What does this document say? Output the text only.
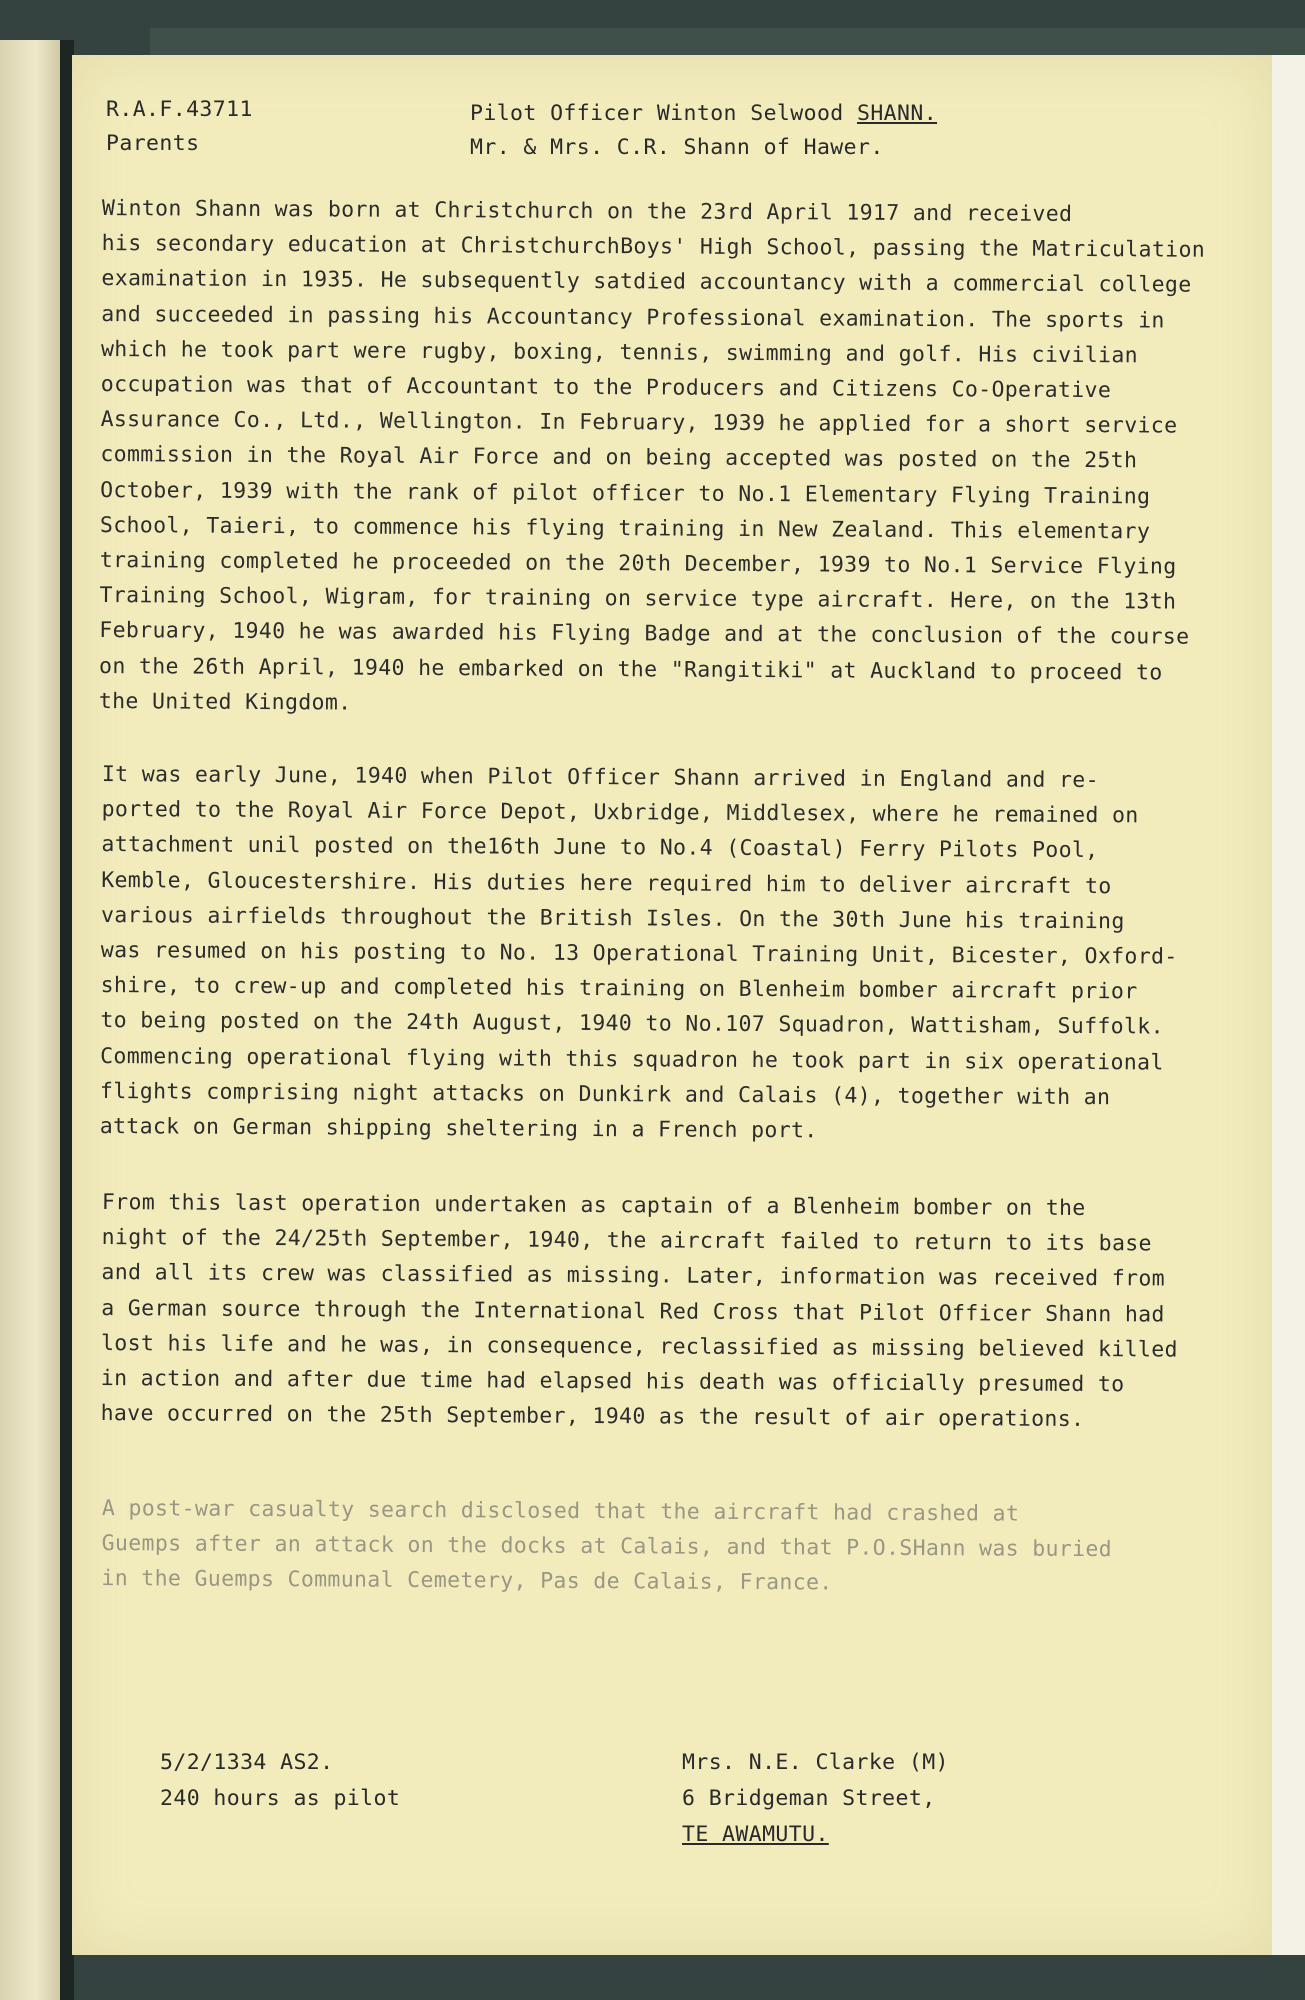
R.A.F.43711
Parents
Pilot Officer Winton Selwood SHANN.
Mr. & Mrs. C.R. Shann of Hawer.
Winton Shann was born at Christchurch on the 23rd April 1917 and received
his secondary education at ChristchurchBoys' High School, passing the Matriculation
examination in 1935. He subsequently satdied accountancy with a commercial college
and succeeded in passing his Accountancy Professional examination. The sports in
which he took part were rugby, boxing, tennis, swimming and golf. His civilian
occupation was that of Accountant to the Producers and Citizens Co-Operative
Assurance Co., Ltd., Wellington. In February, 1939 he applied for a short service
commission in the Royal Air Force and on being accepted was posted on the 25th
October, 1939 with the rank of pilot officer to No.1 Elementary Flying Training
School, Taieri, to commence his flying training in New Zealand. This elementary
training completed he proceeded on the 20th December, 1939 to No.1 Service Flying
Training School, Wigram, for training on service type aircraft. Here, on the 13th
February, 1940 he was awarded his Flying Badge and at the conclusion of the course
on the 26th April, 1940 he embarked on the "Rangitiki" at Auckland to proceed to
the United Kingdom.
It was early June, 1940 when Pilot Officer Shann arrived in England and re-
ported to the Royal Air Force Depot, Uxbridge, Middlesex, where he remained on
attachment unil posted on the16th June to No.4 (Coastal) Ferry Pilots Pool,
Kemble, Gloucestershire. His duties here required him to deliver aircraft to
various airfields throughout the British Isles. On the 30th June his training
was resumed on his posting to No. 13 Operational Training Unit, Bicester, Oxford-
shire, to crew-up and completed his training on Blenheim bomber aircraft prior
to being posted on the 24th August, 1940 to No.107 Squadron, Wattisham, Suffolk.
Commencing operational flying with this squadron he took part in six operational
flights comprising night attacks on Dunkirk and Calais (4), together with an
attack on German shipping sheltering in a French port.
From this last operation undertaken as captain of a Blenheim bomber on the
night of the 24/25th September, 1940, the aircraft failed to return to its base
and all its crew was classified as missing. Later, information was received from
a German source through the International Red Cross that Pilot Officer Shann had
lost his life and he was, in consequence, reclassified as missing believed killed
in action and after due time had elapsed his death was officially presumed to
have occurred on the 25th September, 1940 as the result of air operations.
A post-war casualty search disclosed that the aircraft had crashed at
Guemps after an attack on the docks at Calais, and that P.O.SHann was buried
in the Guemps Communal Cemetery, Pas de Calais, France.
5/2/1334 AS2.
240 hours as pilot
Mrs. N.E. Clarke (M)
6 Bridgeman Street,
TE AWAMUTU.
